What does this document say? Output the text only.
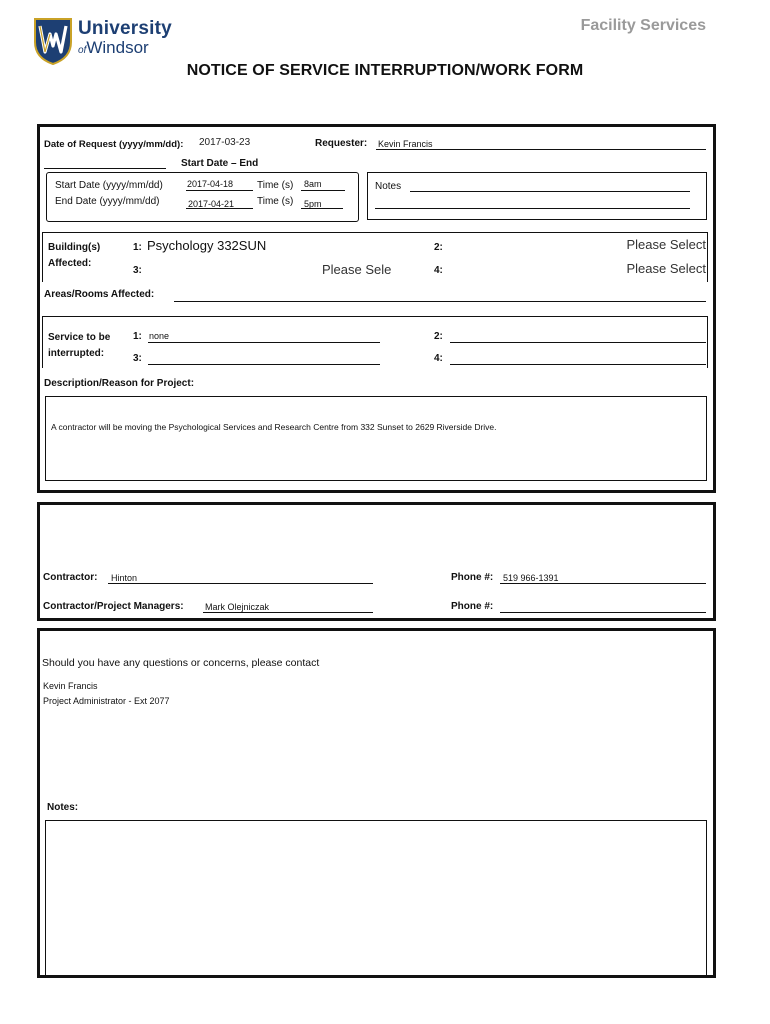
University
ofWindsor
Facility Services
NOTICE OF SERVICE INTERRUPTION/WORK FORM
Date of Request (yyyy/mm/dd): 2017-03-23	Requester: Kevin Francis
Start Date – End
Start Date (yyyy/mm/dd)	2017-04-18 Time (s) 8am
End Date (yyyy/mm/dd)	2017-04-21 Time (s) 5pm
Notes
Building(s)
Affected:
1: Psychology 332SUN	2:	Please Select
3:	Please Sele	4:	Please Select
Areas/Rooms Affected:
Service to be
interrupted:
1: none	2:
3:	4:
Description/Reason for Project:
A contractor will be moving the Psychological Services and Research Centre from 332 Sunset to 2629 Riverside Drive.
Contractor: Hinton	Phone #: 519 966-1391
Contractor/Project Managers: Mark Olejniczak	Phone #:
Should you have any questions or concerns, please contact
Kevin Francis
Project Administrator - Ext 2077
Notes:
